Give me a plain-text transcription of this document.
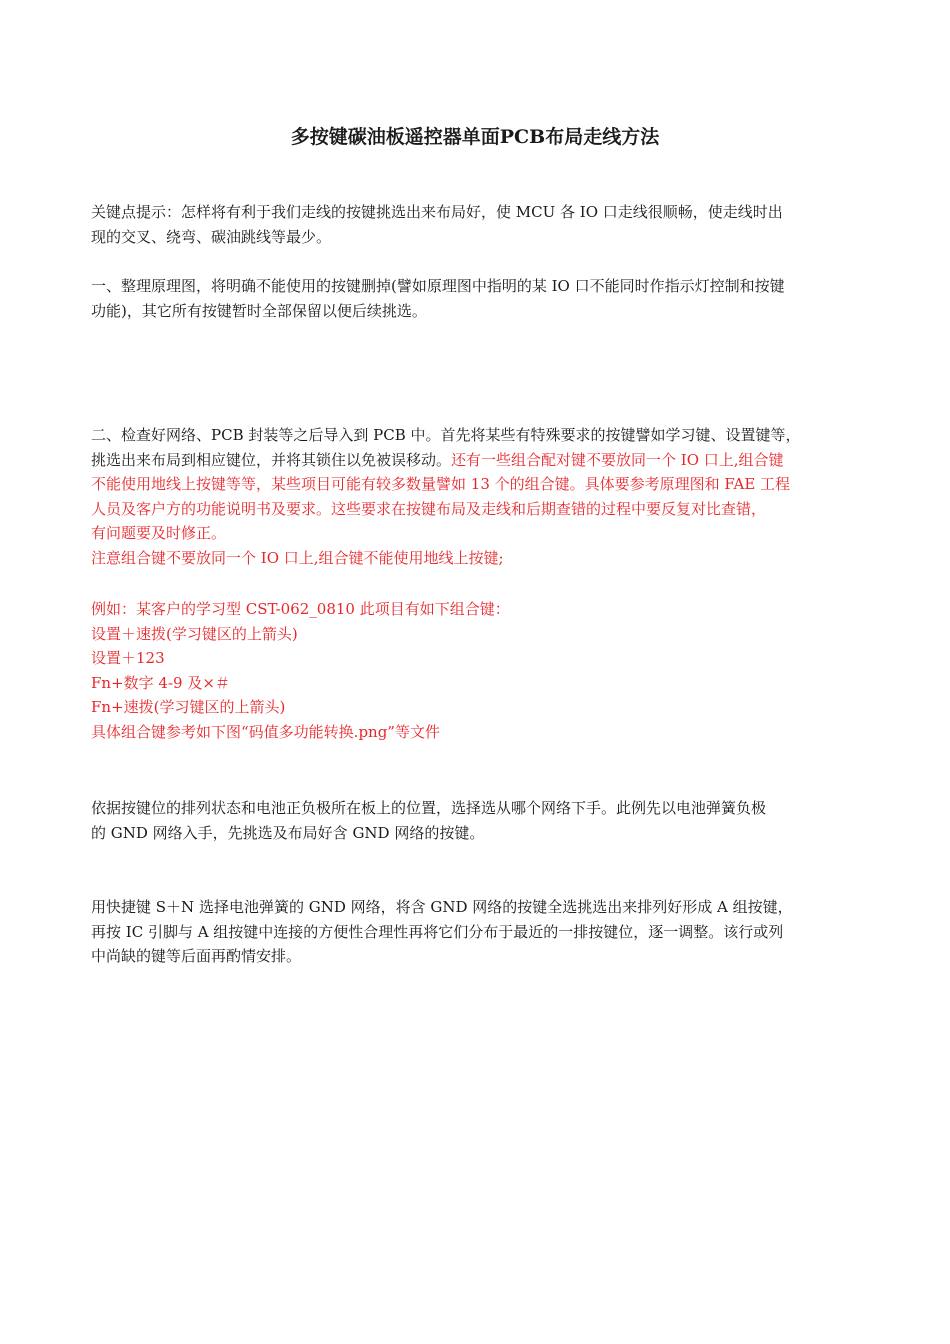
多按键碳油板遥控器单面PCB布局走线方法

关键点提示：怎样将有利于我们走线的按键挑选出来布局好，使 MCU 各 IO 口走线很顺畅，使走线时出
现的交叉、绕弯、碳油跳线等最少。

一、整理原理图，将明确不能使用的按键删掉(譬如原理图中指明的某 IO 口不能同时作指示灯控制和按键
功能)，其它所有按键暂时全部保留以便后续挑选。

二、检查好网络、PCB 封装等之后导入到 PCB 中。首先将某些有特殊要求的按键譬如学习键、设置键等，
挑选出来布局到相应键位，并将其锁住以免被误移动。还有一些组合配对键不要放同一个 IO 口上,组合键
不能使用地线上按键等等，某些项目可能有较多数量譬如 13 个的组合键。具体要参考原理图和 FAE 工程
人员及客户方的功能说明书及要求。这些要求在按键布局及走线和后期查错的过程中要反复对比查错，
有问题要及时修正。
注意组合键不要放同一个 IO 口上,组合键不能使用地线上按键;

例如：某客户的学习型 CST-062_0810 此项目有如下组合键：
设置＋速拨(学习键区的上箭头)
设置＋123
Fn+数字 4-9 及×＃
Fn+速拨(学习键区的上箭头)
具体组合键参考如下图“码值多功能转换.png”等文件

依据按键位的排列状态和电池正负极所在板上的位置，选择选从哪个网络下手。此例先以电池弹簧负极
的 GND 网络入手，先挑选及布局好含 GND 网络的按键。

用快捷键 S＋N 选择电池弹簧的 GND 网络，将含 GND 网络的按键全选挑选出来排列好形成 A 组按键，
再按 IC 引脚与 A 组按键中连接的方便性合理性再将它们分布于最近的一排按键位，逐一调整。该行或列
中尚缺的键等后面再酌情安排。
